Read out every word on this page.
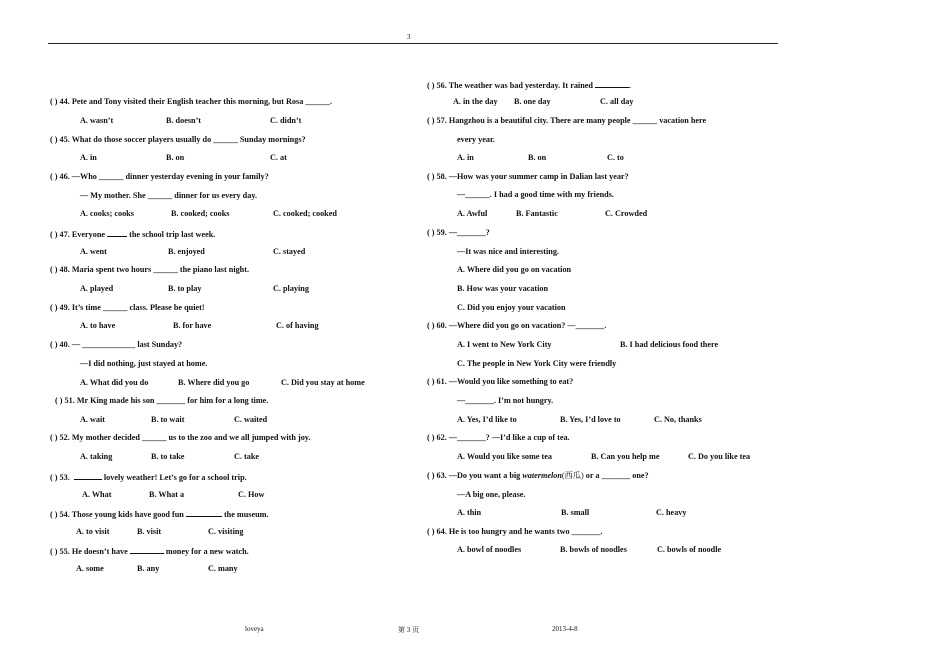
3
( ) 44. Pete and Tony visited their English teacher this morning, but Rosa ______.
A. wasn’t	B. doesn’t	C. didn’t
( ) 45. What do those soccer players usually do ______ Sunday mornings?
A. in	B. on	C. at
( ) 46. —Who ______ dinner yesterday evening in your family?
— My mother. She ______ dinner for us every day.
A. cooks; cooks	B. cooked; cooks	C. cooked; cooked
( ) 47. Everyone	the school trip last week.
A. went	B. enjoyed	C. stayed
( ) 48. Maria spent two hours ______ the piano last night.
A. played	B. to play	C. playing
( ) 49. It’s time ______ class. Please be quiet!
A. to have	B. for have	C. of having
( ) 40. — _____________ last Sunday?
—I did nothing, just stayed at home.
A. What did you do	B. Where did you go	C. Did you stay at home
( ) 51. Mr King made his son _______ for him for a long time.
A. wait	B. to wait	C. waited
( ) 52. My mother decided ______ us to the zoo and we all jumped with joy.
A. taking	B. to take	C. take
( ) 53.	lovely weather! Let’s go for a school trip.
A. What	B. What a	C. How
( ) 54. Those young kids have good fun	the museum.
A. to visit	B. visit	C. visiting
( ) 55. He doesn’t have	money for a new watch.
A. some	B. any	C. many
( ) 56. The weather was bad yesterday. It rained	.
A. in the day B. one day	C. all day
( ) 57. Hangzhou is a beautiful city. There are many people ______ vacation here
every year.
A. in	B. on	C. to
( ) 58. —How was your summer camp in Dalian last year?
—______. I had a good time with my friends.
A. Awful	B. Fantastic	C. Crowded
( ) 59. —_______?
—It was nice and interesting.
A. Where did you go on vacation
B. How was your vacation
C. Did you enjoy your vacation
( ) 60. —Where did you go on vacation? —_______.
A. I went to New York City	B. I had delicious food there
C. The people in New York City were friendly
( ) 61. —Would you like something to eat?
—_______. I’m not hungry.
A. Yes, I’d like to	B. Yes, I’d love to	C. No, thanks
( ) 62. —_______? —I’d like a cup of tea.
A. Would you like some tea	B. Can you help me	C. Do you like tea
( ) 63. —Do you want a big watermelon(西瓜) or a _______ one?
—A big one, please.
A. thin	B. small	C. heavy
( ) 64. He is too hungry and he wants two _______.
A. bowl of noodles	B. bowls of noodles	C. bowls of noodle
loveya	第 3 页	2013-4-8
